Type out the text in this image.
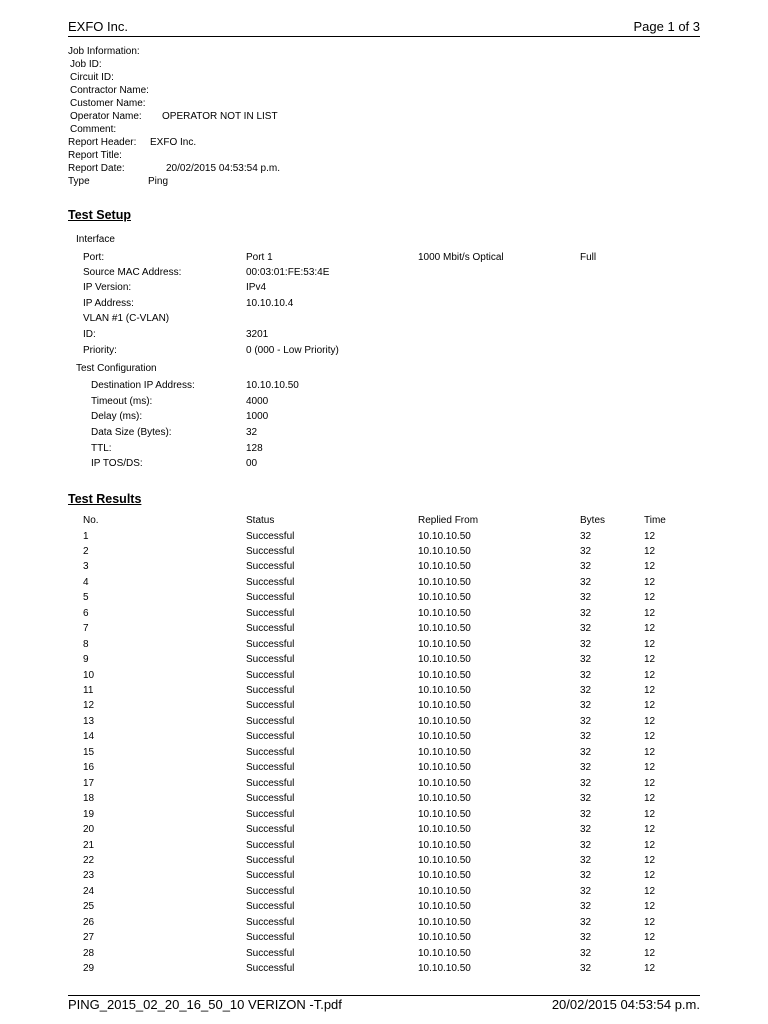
EXFO Inc.	Page 1 of 3
Job Information:
Job ID:
Circuit ID:
Contractor Name:
Customer Name:
Operator Name: OPERATOR NOT IN LIST
Comment:
Report Header: EXFO Inc.
Report Title:
Report Date:	20/02/2015 04:53:54 p.m.
Type	Ping
Test Setup
Interface
Port:	Port 1	1000 Mbit/s Optical	Full
Source MAC Address:	00:03:01:FE:53:4E
IP Version:	IPv4
IP Address:	10.10.10.4
VLAN #1 (C-VLAN)
ID:	3201
Priority:	0 (000 - Low Priority)
Test Configuration
Destination IP Address:	10.10.10.50
Timeout (ms):	4000
Delay (ms):	1000
Data Size (Bytes):	32
TTL:	128
IP TOS/DS:	00
Test Results
No.	Status	Replied From	Bytes	Time
1	Successful	10.10.10.50	32	12
2	Successful	10.10.10.50	32	12
3	Successful	10.10.10.50	32	12
4	Successful	10.10.10.50	32	12
5	Successful	10.10.10.50	32	12
6	Successful	10.10.10.50	32	12
7	Successful	10.10.10.50	32	12
8	Successful	10.10.10.50	32	12
9	Successful	10.10.10.50	32	12
10	Successful	10.10.10.50	32	12
11	Successful	10.10.10.50	32	12
12	Successful	10.10.10.50	32	12
13	Successful	10.10.10.50	32	12
14	Successful	10.10.10.50	32	12
15	Successful	10.10.10.50	32	12
16	Successful	10.10.10.50	32	12
17	Successful	10.10.10.50	32	12
18	Successful	10.10.10.50	32	12
19	Successful	10.10.10.50	32	12
20	Successful	10.10.10.50	32	12
21	Successful	10.10.10.50	32	12
22	Successful	10.10.10.50	32	12
23	Successful	10.10.10.50	32	12
24	Successful	10.10.10.50	32	12
25	Successful	10.10.10.50	32	12
26	Successful	10.10.10.50	32	12
27	Successful	10.10.10.50	32	12
28	Successful	10.10.10.50	32	12
29	Successful	10.10.10.50	32	12
PING_2015_02_20_16_50_10 VERIZON -T.pdf	20/02/2015 04:53:54 p.m.
